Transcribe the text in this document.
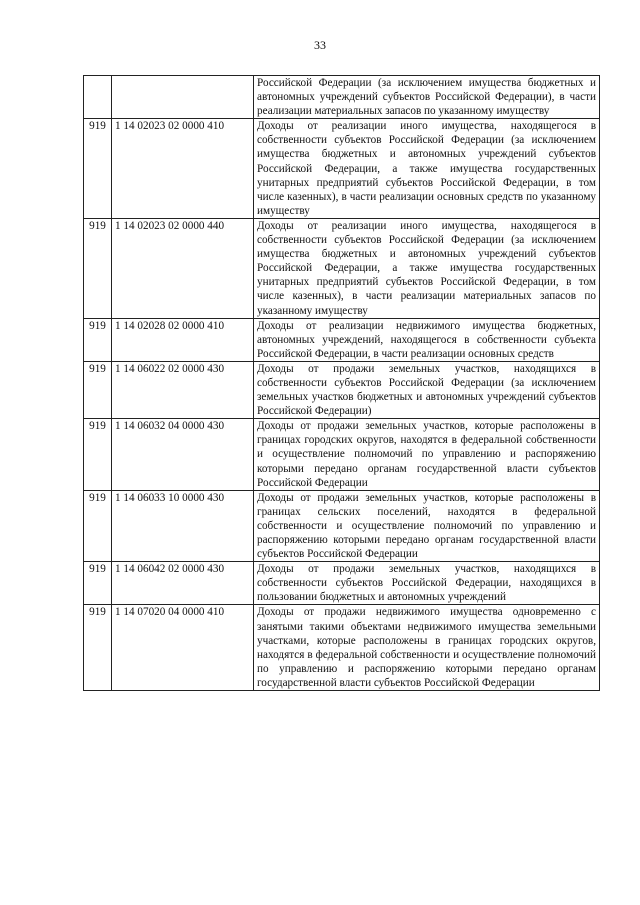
33
		Российской Федерации (за исключением имущества бюджетных и автономных учреждений субъектов Российской Федерации), в части реализации материальных запасов по указанному имуществу
919	1 14 02023 02 0000 410	Доходы от реализации иного имущества, находящегося в собственности субъектов Российской Федерации (за исключением имущества бюджетных и автономных учреждений субъектов Российской Федерации, а также имущества государственных унитарных предприятий субъектов Российской Федерации, в том числе казенных), в части реализации основных средств по указанному имуществу
919	1 14 02023 02 0000 440	Доходы от реализации иного имущества, находящегося в собственности субъектов Российской Федерации (за исключением имущества бюджетных и автономных учреждений субъектов Российской Федерации, а также имущества государственных унитарных предприятий субъектов Российской Федерации, в том числе казенных), в части реализации материальных запасов по указанному имуществу
919	1 14 02028 02 0000 410	Доходы от реализации недвижимого имущества бюджетных, автономных учреждений, находящегося в собственности субъекта Российской Федерации, в части реализации основных средств
919	1 14 06022 02 0000 430	Доходы от продажи земельных участков, находящихся в собственности субъектов Российской Федерации (за исключением земельных участков бюджетных и автономных учреждений субъектов Российской Федерации)
919	1 14 06032 04 0000 430	Доходы от продажи земельных участков, которые расположены в границах городских округов, находятся в федеральной собственности и осуществление полномочий по управлению и распоряжению которыми передано органам государственной власти субъектов Российской Федерации
919	1 14 06033 10 0000 430	Доходы от продажи земельных участков, которые расположены в границах сельских поселений, находятся в федеральной собственности и осуществление полномочий по управлению и распоряжению которыми передано органам государственной власти субъектов Российской Федерации
919	1 14 06042 02 0000 430	Доходы от продажи земельных участков, находящихся в собственности субъектов Российской Федерации, находящихся в пользовании бюджетных и автономных учреждений
919	1 14 07020 04 0000 410	Доходы от продажи недвижимого имущества одновременно с занятыми такими объектами недвижимого имущества земельными участками, которые расположены в границах городских округов, находятся в федеральной собственности и осуществление полномочий по управлению и распоряжению которыми передано органам государственной власти субъектов Российской Федерации
